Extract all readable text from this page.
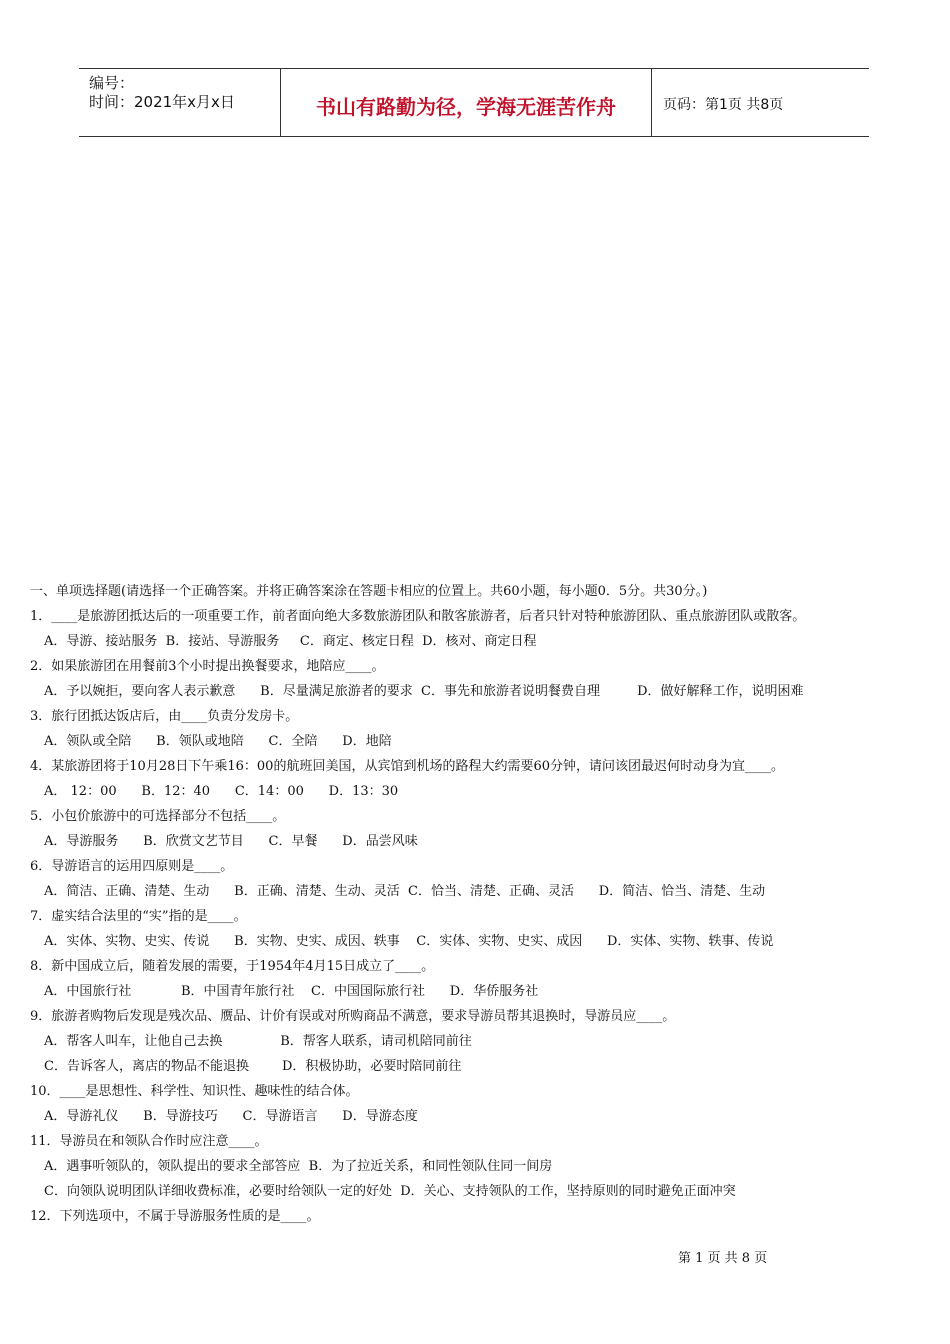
编号：
时间：2021年x月x日	书山有路勤为径，学海无涯苦作舟	页码：第1页 共8页
一、单项选择题(请选择一个正确答案。并将正确答案涂在答题卡相应的位置上。共60小题，每小题0．5分。共30分。)
1．____是旅游团抵达后的一项重要工作，前者面向绝大多数旅游团队和散客旅游者，后者只针对特种旅游团队、重点旅游团队或散客。
A．导游、接站服务  B．接站、导游服务     C．商定、核定日程  D．核对、商定日程
2．如果旅游团在用餐前3个小时提出换餐要求，地陪应____。
A．予以婉拒，要向客人表示歉意      B．尽量满足旅游者的要求  C．事先和旅游者说明餐费自理         D．做好解释工作，说明困难
3．旅行团抵达饭店后，由____负责分发房卡。
A．领队或全陪      B．领队或地陪      C．全陪      D．地陪
4．某旅游团将于10月28日下午乘16：00的航班回美国，从宾馆到机场的路程大约需要60分钟，请问该团最迟何时动身为宜____。
A． 12：00      B．12：40      C．14：00      D．13：30
5．小包价旅游中的可选择部分不包括____。
A．导游服务      B．欣赏文艺节目      C．早餐      D．品尝风味
6．导游语言的运用四原则是____。
A．简洁、正确、清楚、生动      B．正确、清楚、生动、灵活  C．恰当、清楚、正确、灵活      D．简洁、恰当、清楚、生动
7．虚实结合法里的“实”指的是____。
A．实体、实物、史实、传说      B．实物、史实、成因、轶事    C．实体、实物、史实、成因      D．实体、实物、轶事、传说
8．新中国成立后，随着发展的需要，于1954年4月15日成立了____。
A．中国旅行社            B．中国青年旅行社    C．中国国际旅行社      D．华侨服务社
9．旅游者购物后发现是残次品、赝品、计价有误或对所购商品不满意，要求导游员帮其退换时，导游员应____。
A．帮客人叫车，让他自己去换              B．帮客人联系，请司机陪同前往
C．告诉客人，离店的物品不能退换        D．积极协助，必要时陪同前往
10．____是思想性、科学性、知识性、趣味性的结合体。
A．导游礼仪      B．导游技巧      C．导游语言      D．导游态度
11．导游员在和领队合作时应注意____。
A．遇事听领队的，领队提出的要求全部答应  B．为了拉近关系，和同性领队住同一间房
C．向领队说明团队详细收费标准，必要时给领队一定的好处  D．关心、支持领队的工作，坚持原则的同时避免正面冲突
12．下列选项中，不属于导游服务性质的是____。
第 1 页 共 8 页
